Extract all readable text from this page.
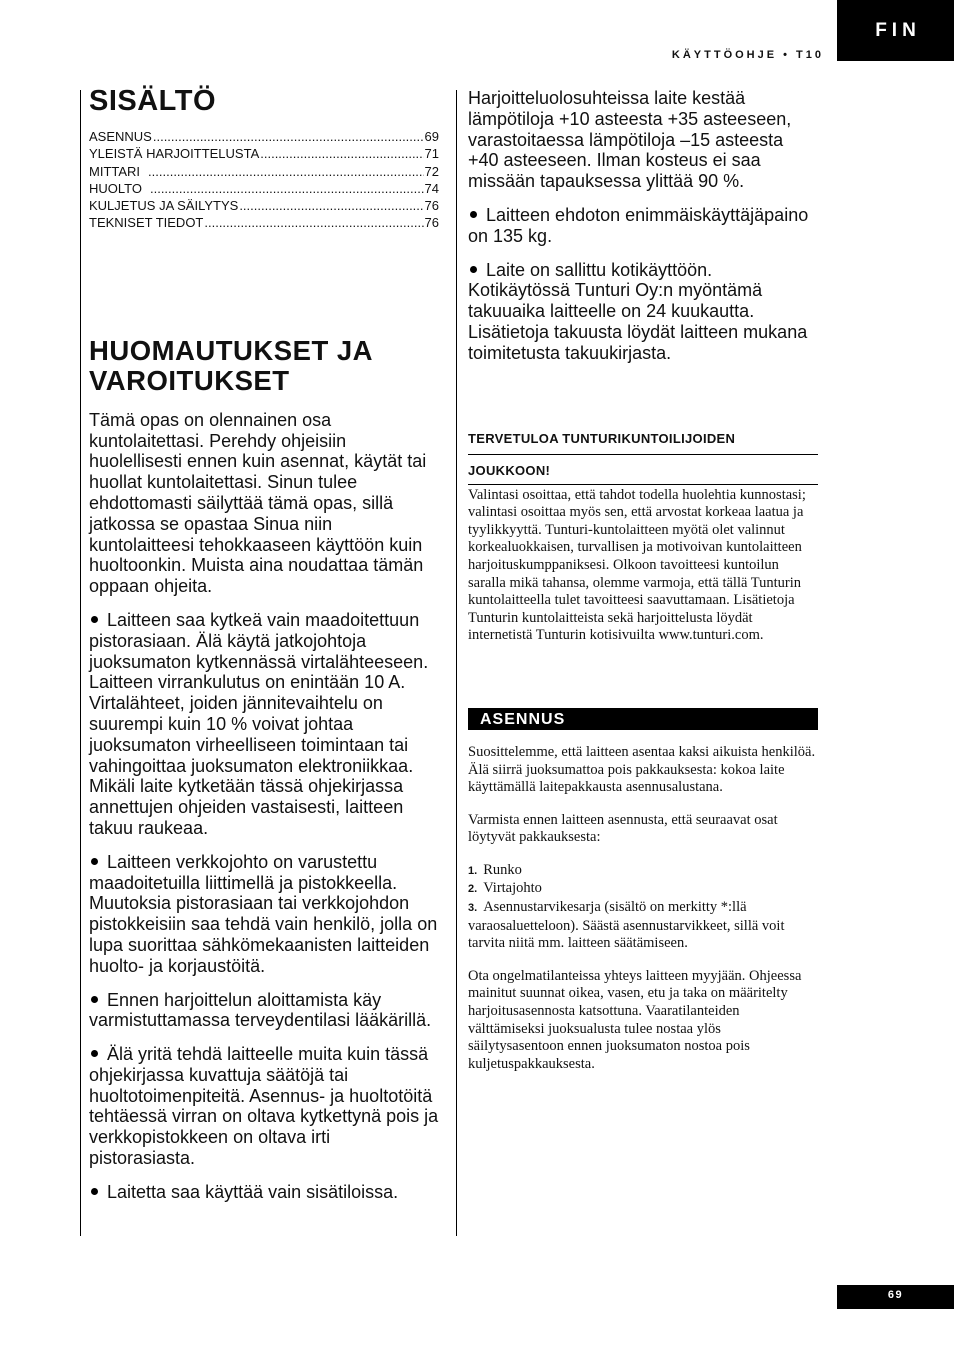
FIN
KÄYTTÖOHJE • T10
SISÄLTÖ
ASENNUS .....	69
YLEISTÄ HARJOITTELUSTA .....	71
MITTARI .....	72
HUOLTO .....	74
KULJETUS JA SÄILYTYS .....	76
TEKNISET TIEDOT .....	76
HUOMAUTUKSET JA
VAROITUKSET

Tämä opas on olennainen osa kuntolaitettasi. Perehdy ohjeisiin huolellisesti ennen kuin asennat, käytät tai huollat kuntolaitettasi. Sinun tulee ehdottomasti säilyttää tämä opas, sillä jatkossa se opastaa Sinua niin kuntolaitteesi tehokkaaseen käyttöön kuin huoltoonkin. Muista aina noudattaa tämän oppaan ohjeita.

Laitteen saa kytkeä vain maadoitettuun pistorasiaan. Älä käytä jatkojohtoja juoksumaton kytkennässä virtalähteeseen. Laitteen virrankulutus on enintään 10 A. Virtalähteet, joiden jännitevaihtelu on suurempi kuin 10 % voivat johtaa juoksumaton virheelliseen toimintaan tai vahingoittaa juoksumaton elektroniikkaa. Mikäli laite kytketään tässä ohjekirjassa annettujen ohjeiden vastaisesti, laitteen takuu raukeaa.

Laitteen verkkojohto on varustettu maadoitetuilla liittimellä ja pistokkeella. Muutoksia pistorasiaan tai verkkojohdon pistokkeisiin saa tehdä vain henkilö, jolla on lupa suorittaa sähkömekaanisten laitteiden huolto- ja korjaustöitä.

Ennen harjoittelun aloittamista käy varmistuttamassa terveydentilasi lääkärillä.

Älä yritä tehdä laitteelle muita kuin tässä ohjekirjassa kuvattuja säätöjä tai huoltotoimenpiteitä. Asennus- ja huoltotöitä tehtäessä virran on oltava kytkettynä pois ja verkkopistokkeen on oltava irti pistorasiasta.

Laitetta saa käyttää vain sisätiloissa.

Harjoitteluolosuhteissa laite kestää lämpötiloja +10 asteesta +35 asteeseen, varastoitaessa lämpötiloja –15 asteesta +40 asteeseen. Ilman kosteus ei saa missään tapauksessa ylittää 90 %.

Laitteen ehdoton enimmäiskäyttäjäpaino on 135 kg.

Laite on sallittu kotikäyttöön. Kotikäytössä Tunturi Oy:n myöntämä takuuaika laitteelle on 24 kuukautta. Lisätietoja takuusta löydät laitteen mukana toimitetusta takuukirjasta.

TERVETULOA TUNTURIKUNTOILIJOIDEN
JOUKKOON!

Valintasi osoittaa, että tahdot todella huolehtia kunnostasi; valintasi osoittaa myös sen, että arvostat korkeaa laatua ja tyylikkyyttä. Tunturi-kuntolaitteen myötä olet valinnut korkealuokkaisen, turvallisen ja motivoivan kuntolaitteen harjoituskumppaniksesi. Olkoon tavoitteesi kuntoilun saralla mikä tahansa, olemme varmoja, että tällä Tunturin kuntolaitteella tulet tavoitteesi saavuttamaan. Lisätietoja Tunturin kuntolaitteista sekä harjoittelusta löydät internetistä Tunturin kotisivuilta www.tunturi.com.

ASENNUS

Suosittelemme, että laitteen asentaa kaksi aikuista henkilöä. Älä siirrä juoksumattoa pois pakkauksesta: kokoa laite käyttämällä laitepakkausta asennusalustana.

Varmista ennen laitteen asennusta, että seuraavat osat löytyvät pakkauksesta:

1. Runko

2. Virtajohto

3. Asennustarvikesarja (sisältö on merkitty *:llä varaosaluetteloon). Säästä asennustarvikkeet, sillä voit tarvita niitä mm. laitteen säätämiseen.

Ota ongelmatilanteissa yhteys laitteen myyjään. Ohjeessa mainitut suunnat oikea, vasen, etu ja taka on määritelty harjoitusasennosta katsottuna. Vaaratilanteiden välttämiseksi juoksualusta tulee nostaa ylös säilytysasentoon ennen juoksumaton nostoa pois kuljetuspakkauksesta.

69
